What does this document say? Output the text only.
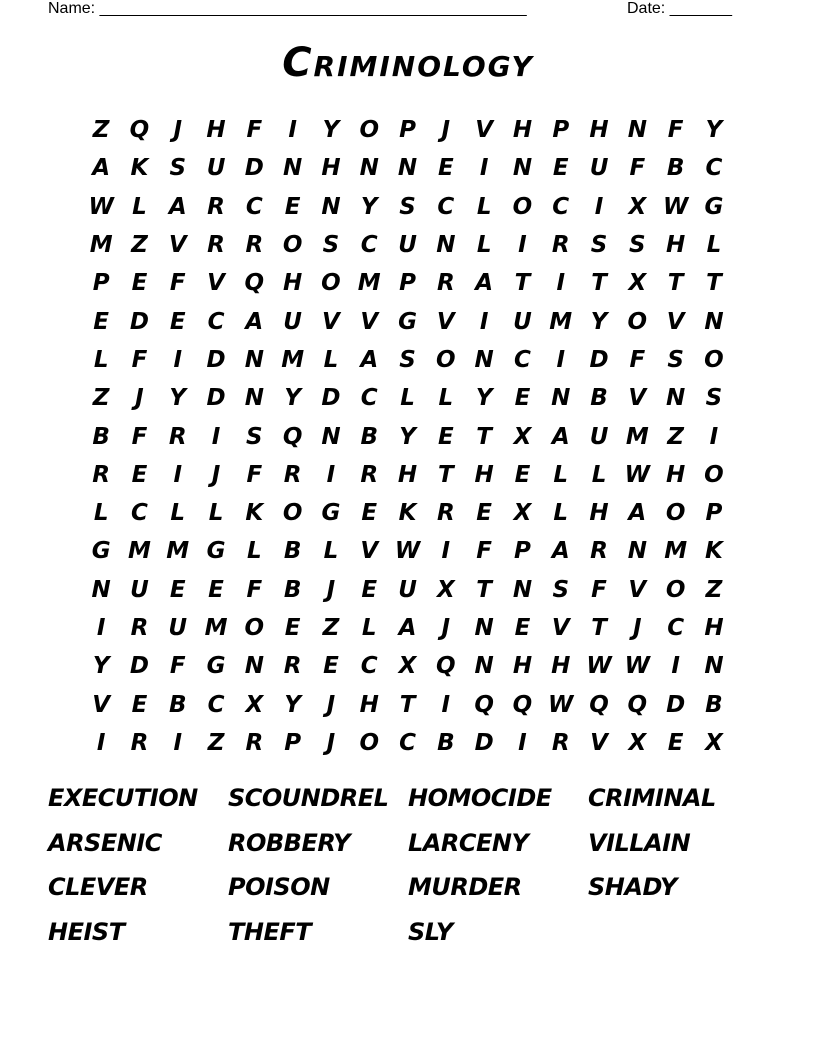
Name: ________________________________________________	Date: _______
Criminology
Z Q	J	H F	I	Y O P	J	V H P H N F Y
A K S U D N H N N E	I	N E U F B C
W L A R C E N Y S C L O C	I	X W G
M Z V R R O S C U N L	I	R S S H L
P E F V Q H O M P R A T	I	T X T T
E D E C A U V V G V	I	U M Y O V N
L	F	I	D N M L A S O N C	I	D F S O
Z	J	Y D N Y D C L	L Y E N B V N S
B F R	I	S Q N B Y E T X A U M Z	I
R E	I	J	F R	I	R H T H E	L	L W H O
L C L	L K O G E K R E X L H A O P
G M M G L B L V W I	F P A R N M K
N U E E F B	J	E U X T N S F V O Z
I	R U M O E Z L A	J	N E V T	J	C H
Y D F G N R E C X Q N H H W W I	N
V E B C X Y	J	H T	I	Q Q W Q Q D B
I	R	I	Z R P	J	O C B D	I	R V X E X
EXECUTION SCOUNDREL HOMOCIDE CRIMINAL
ARSENIC	ROBBERY LARCENY VILLAIN
CLEVER	POISON	MURDER	SHADY
HEIST	THEFT	SLY
